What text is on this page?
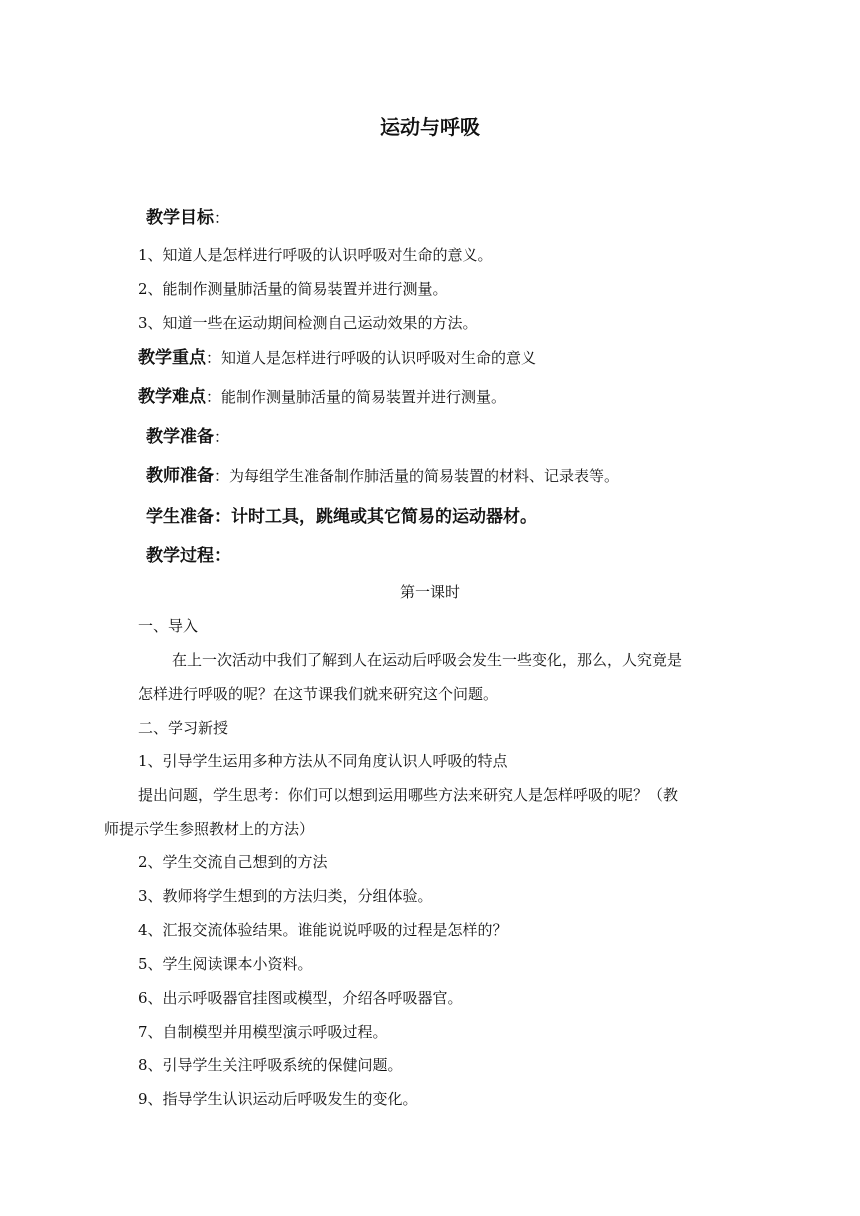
运动与呼吸
教学目标：
1、知道人是怎样进行呼吸的认识呼吸对生命的意义。
2、能制作测量肺活量的简易装置并进行测量。
3、知道一些在运动期间检测自己运动效果的方法。
教学重点：知道人是怎样进行呼吸的认识呼吸对生命的意义
教学难点：能制作测量肺活量的简易装置并进行测量。
教学准备：
教师准备：为每组学生准备制作肺活量的简易装置的材料、记录表等。
学生准备：计时工具，跳绳或其它简易的运动器材。
教学过程：
第一课时
一、导入
在上一次活动中我们了解到人在运动后呼吸会发生一些变化，那么，人究竟是
怎样进行呼吸的呢？在这节课我们就来研究这个问题。
二、学习新授
1、引导学生运用多种方法从不同角度认识人呼吸的特点
提出问题，学生思考：你们可以想到运用哪些方法来研究人是怎样呼吸的呢？（教
师提示学生参照教材上的方法）
2、学生交流自己想到的方法
3、教师将学生想到的方法归类，分组体验。
4、汇报交流体验结果。谁能说说呼吸的过程是怎样的？
5、学生阅读课本小资料。
6、出示呼吸器官挂图或模型，介绍各呼吸器官。
7、自制模型并用模型演示呼吸过程。
8、引导学生关注呼吸系统的保健问题。
9、指导学生认识运动后呼吸发生的变化。
